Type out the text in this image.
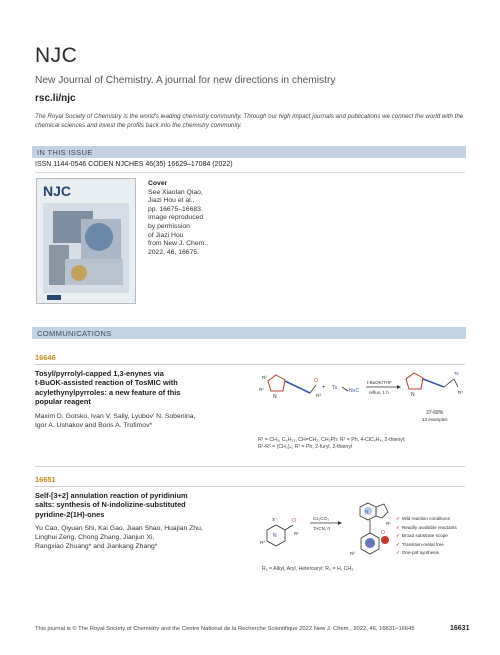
NJC
New Journal of Chemistry. A journal for new directions in chemistry
rsc.li/njc
The Royal Society of Chemistry is the world's leading chemistry community. Through our high impact journals and publications we connect the world with the chemical sciences and invest the profits back into the chemistry community.
IN THIS ISSUE
ISSN 1144-0546 CODEN NJCHES 46(35) 16629–17084 (2022)
NJC	Cover
See Xiaolan Qiao,
Jiazi Hou et al.,
pp. 16675–16683.
Image reproduced
by permission
of Jiazi Hou
from New J. Chem.,
2022, 46, 16675.
COMMUNICATIONS
16646
Tosyl/pyrrolyl-capped 1,3-enynes via
t-BuOK-assisted reaction of TosMIC with
acylethynylpyrroles: a new feature of this
popular reagent
Maxim D. Gotsko, Ivan V. Saliy, Lyubov' N. Sobenina,
Igor A. Ushakov and Boris A. Trofimov*
N
R²
R¹
O
R³
+ Ts N≡C
t-BuOK/THF
reflux, 1 h	N
Ts
R³
37-68%
13 examples
R¹ = CH₃, C₆H₁₃, CH=CH₂, CH₂Ph; R² = Ph, 4-ClC₆H₄, 2-thienyl;
R¹-R² = (CH₂)₄; R³ = Ph, 2-furyl, 2-thienyl
16651
Self-[3+2] annulation reaction of pyridinium
salts: synthesis of N-indolizine-substituted
pyridine-2(1H)-ones
Yu Cao, Qiyuan Shi, Kai Gao, Jiaan Shao, Huajian Zhu,
Linghui Zeng, Chong Zhang, Jianjun Xi,
Rangxiao Zhuang* and Jiankang Zhang*
N
X⁻
R²
O
R¹
Cs₂CO₃
TACN, rt
N
O
R²
R¹
✓ Mild reaction conditions
✓ Readily available reactants
✓ Broad substrate scope
✓ Transition-metal free
✓ One-pot synthesis
R₁ = Alkyl, Aryl, Heteroaryl; R₂ = H, CH₃
This journal is © The Royal Society of Chemistry and the Centre National de la Recherche Scientifique 2022 New J. Chem., 2022, 46, 16631–16645	16631
